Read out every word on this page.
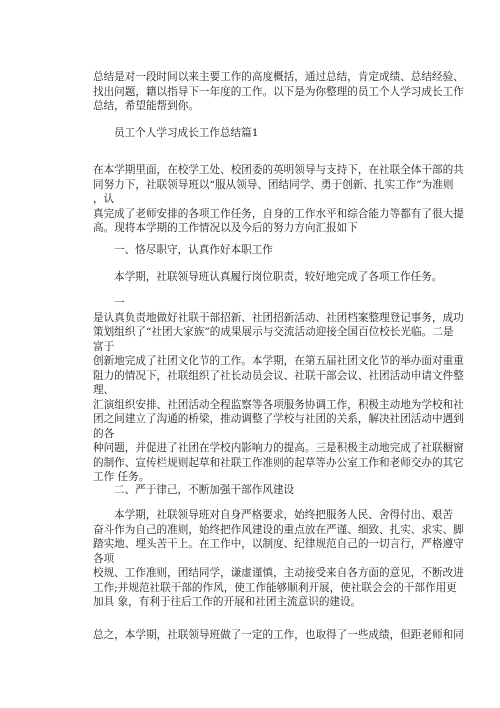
总结是对一段时间以来主要工作的高度概括，通过总结，肯定成绩、总结经验、
找出问题，籍以指导下一年度的工作。以下是为你整理的员工个人学习成长工作
总结，希望能帮到你。
员工个人学习成长工作总结篇1
在本学期里面，在校学工处、校团委的英明领导与支持下，在社联全体干部的共
同努力下，社联领导班以“服从领导、团结同学、勇于创新、扎实工作”为准则
，认
真完成了老师安排的各项工作任务，自身的工作水平和综合能力等都有了很大提
高。现将本学期的工作情况以及今后的努力方向汇报如下
一、恪尽职守，认真作好本职工作
本学期，社联领导班认真履行岗位职责，较好地完成了各项工作任务。
一
是认真负责地做好社联干部招新、社团招新活动、社团档案整理登记事务，成功
策划组织了“社团大家族”的成果展示与交流活动迎接全国百位校长光临。二是
富于
创新地完成了社团文化节的工作。本学期，在第五届社团文化节的举办面对重重
阻力的情况下，社联组织了社长动员会议、社联干部会议、社团活动申请文件整
理、
汇演组织安排、社团活动全程监察等各项服务协调工作，积极主动地为学校和社
团之间建立了沟通的桥梁，推动调整了学校与社团的关系，解决社团活动中遇到
的各
种问题，并促进了社团在学校内影响力的提高。三是积极主动地完成了社联橱窗
的制作、宣传栏规则起草和社联工作准则的起草等办公室工作和老师交办的其它
工作 任务。
二、严于律己，不断加强干部作风建设
本学期，社联领导班对自身严格要求，始终把服务人民、舍得付出、艰苦
奋斗作为自己的准则，始终把作风建设的重点放在严谨、细致、扎实、求实、脚
踏实地、埋头苦干上。在工作中，以制度、纪律规范自己的一切言行，严格遵守
各项
校规、工作准则，团结同学，谦虚谨慎，主动接受来自各方面的意见，不断改进
工作;并规范社联干部的作风，使工作能够顺利开展，使社联会会的干部作用更
加具 象，有利于往后工作的开展和社团主流意识的建设。
总之，本学期，社联领导班做了一定的工作，也取得了一些成绩，但距老师和同
